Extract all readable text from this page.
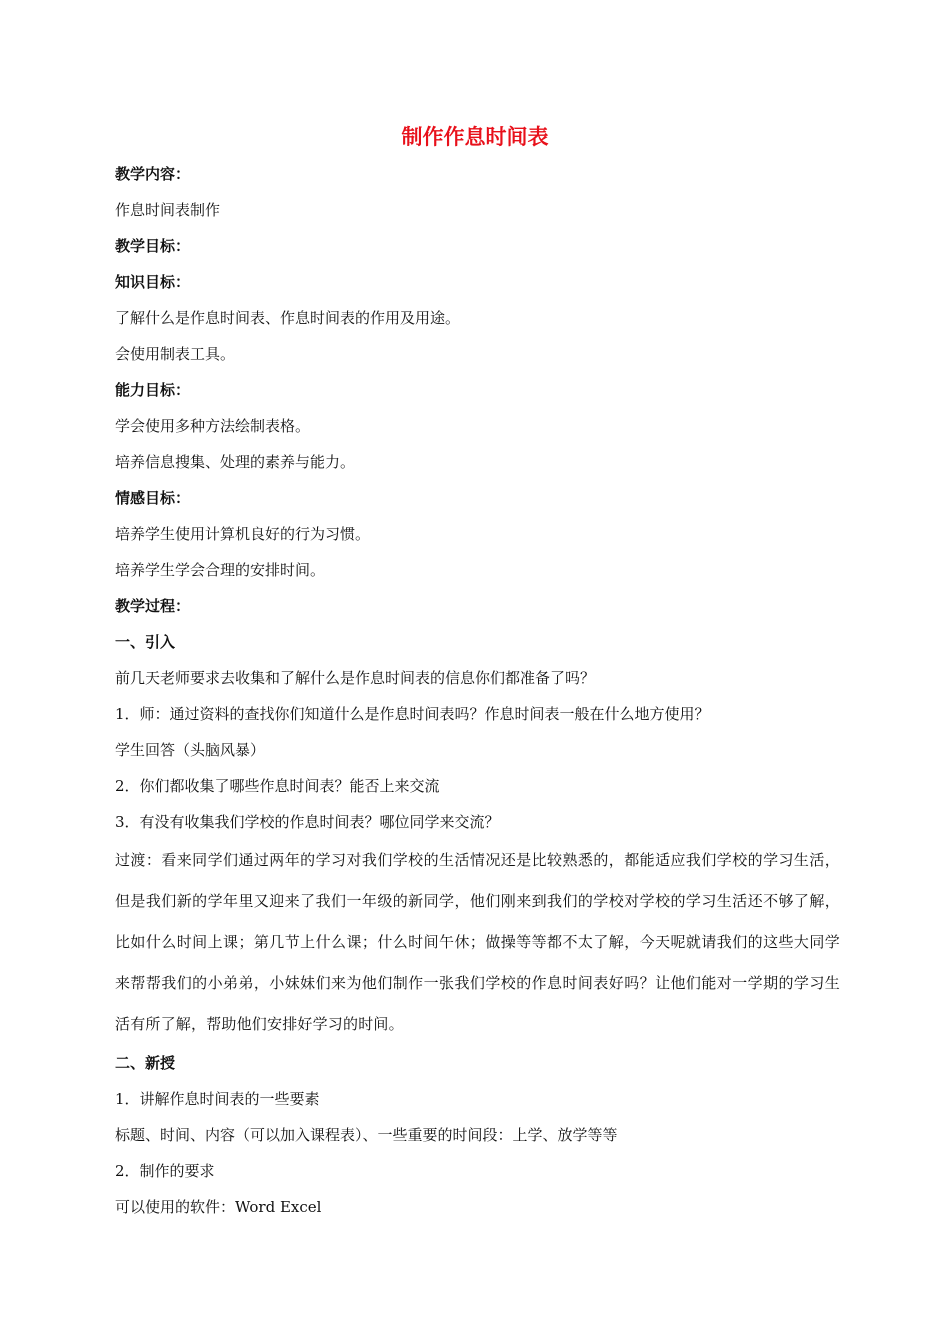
制作作息时间表

教学内容：

作息时间表制作

教学目标：

知识目标：

了解什么是作息时间表、作息时间表的作用及用途。

会使用制表工具。

能力目标：

学会使用多种方法绘制表格。

培养信息搜集、处理的素养与能力。

情感目标：

培养学生使用计算机良好的行为习惯。

培养学生学会合理的安排时间。

教学过程：

一、引入

前几天老师要求去收集和了解什么是作息时间表的信息你们都准备了吗？

1．师：通过资料的查找你们知道什么是作息时间表吗？作息时间表一般在什么地方使用？

学生回答（头脑风暴）

2．你们都收集了哪些作息时间表？能否上来交流

3．有没有收集我们学校的作息时间表？哪位同学来交流？

过渡：看来同学们通过两年的学习对我们学校的生活情况还是比较熟悉的，都能适应我们学校的学习生活，但是我们新的学年里又迎来了我们一年级的新同学，他们刚来到我们的学校对学校的学习生活还不够了解，比如什么时间上课；第几节上什么课；什么时间午休；做操等等都不太了解，今天呢就请我们的这些大同学来帮帮我们的小弟弟，小妹妹们来为他们制作一张我们学校的作息时间表好吗？让他们能对一学期的学习生活有所了解，帮助他们安排好学习的时间。

二、新授

1．讲解作息时间表的一些要素

标题、时间、内容（可以加入课程表）、一些重要的时间段：上学、放学等等

2．制作的要求

可以使用的软件：Word Excel
